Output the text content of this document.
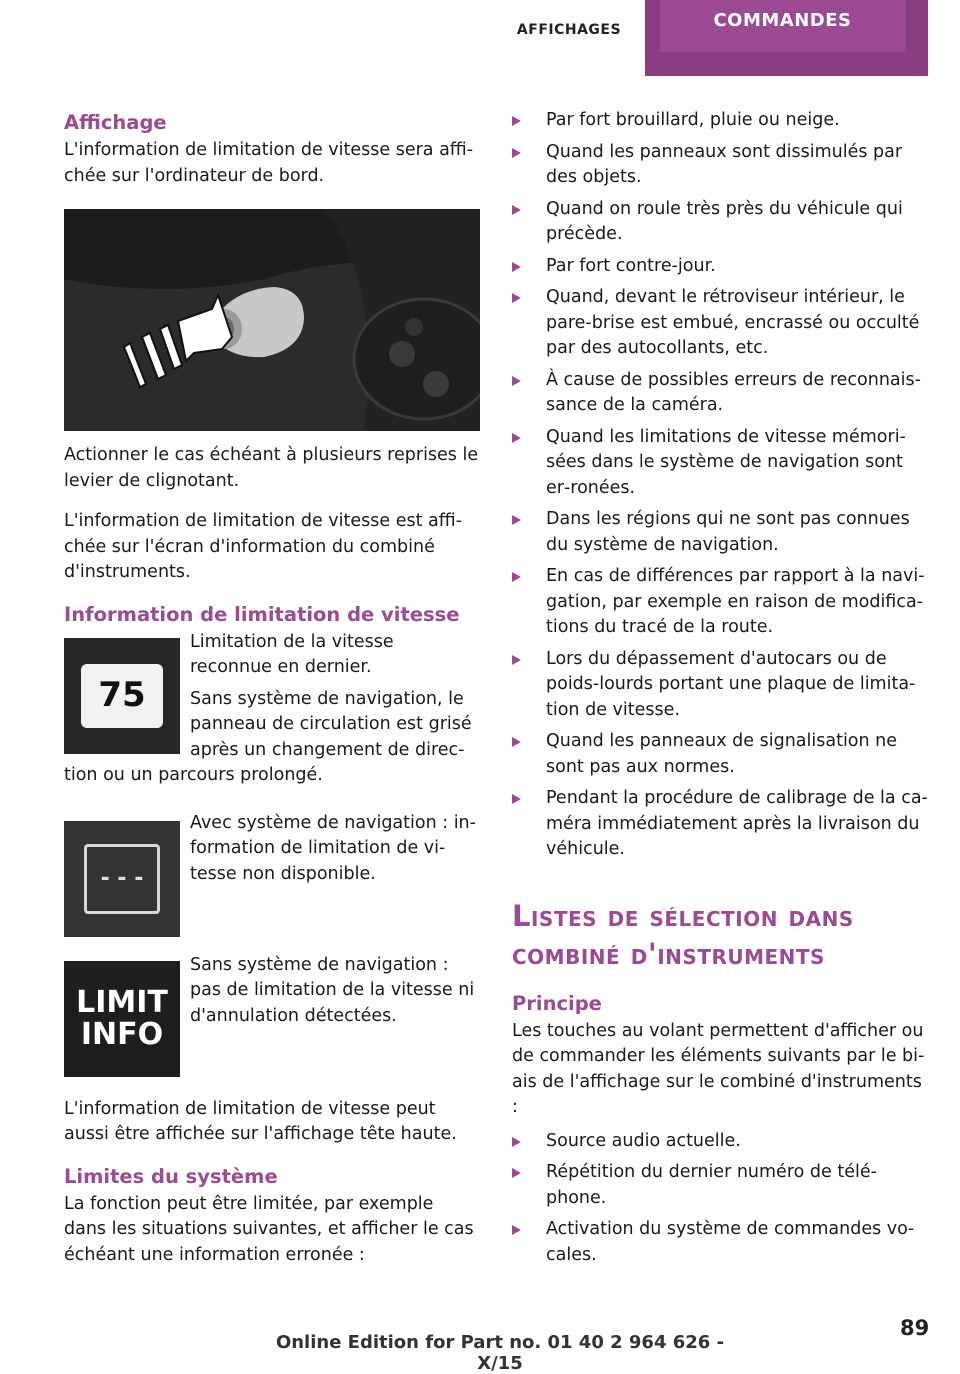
AFFICHAGES	COMMANDES
Affichage

L'information de limitation de vitesse sera affi‐chée sur l'ordinateur de bord.

Actionner le cas échéant à plusieurs reprises le levier de clignotant.

L'information de limitation de vitesse est affi‐chée sur l'écran d'information du combiné d'instruments.

Information de limitation de vitesse
75

Limitation de la vitesse reconnue en dernier.

Sans système de navigation, le panneau de circulation est grisé après un changement de direc‐tion ou un parcours prolongé.

- - -

Avec système de navigation : in‐formation de limitation de vi‐tesse non disponible.

LIMIT
INFO

Sans système de navigation : pas de limitation de la vitesse ni d'annulation détectées.

L'information de limitation de vitesse peut aussi être affichée sur l'affichage tête haute.

Limites du système

La fonction peut être limitée, par exemple dans les situations suivantes, et afficher le cas échéant une information erronée :

Par fort brouillard, pluie ou neige.
Quand les panneaux sont dissimulés par des objets.
Quand on roule très près du véhicule qui précède.
Par fort contre-jour.
Quand, devant le rétroviseur intérieur, le pare-brise est embué, encrassé ou occulté par des autocollants, etc.
À cause de possibles erreurs de reconnais‐sance de la caméra.
Quand les limitations de vitesse mémori‐sées dans le système de navigation sont er‐ronées.
Dans les régions qui ne sont pas connues du système de navigation.
En cas de différences par rapport à la navi‐gation, par exemple en raison de modifica‐tions du tracé de la route.
Lors du dépassement d'autocars ou de poids-lourds portant une plaque de limita‐tion de vitesse.
Quand les panneaux de signalisation ne sont pas aux normes.
Pendant la procédure de calibrage de la ca‐méra immédiatement après la livraison du véhicule.
Listes de sélection dans
combiné d'instruments
Principe

Les touches au volant permettent d'afficher ou de commander les éléments suivants par le bi‐ais de l'affichage sur le combiné d'instruments :

Source audio actuelle.
Répétition du dernier numéro de télé‐phone.
Activation du système de commandes vo‐cales.
89
Online Edition for Part no. 01 40 2 964 626 - X/15
